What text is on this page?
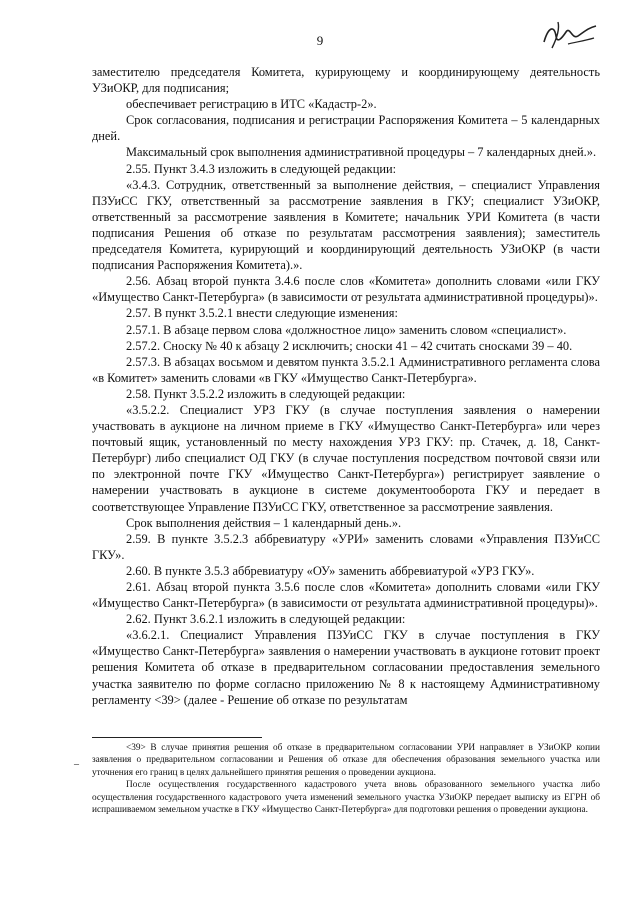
9

заместителю председателя Комитета, курирующему и координирующему деятельность УЗиОКР, для подписания;

обеспечивает регистрацию в ИТС «Кадастр-2».

Срок согласования, подписания и регистрации Распоряжения Комитета – 5 календарных дней.

Максимальный срок выполнения административной процедуры – 7 календарных дней.».

2.55. Пункт 3.4.3 изложить в следующей редакции:

«3.4.3. Сотрудник, ответственный за выполнение действия, – специалист Управления ПЗУиСС ГКУ, ответственный за рассмотрение заявления в ГКУ; специалист УЗиОКР, ответственный за рассмотрение заявления в Комитете; начальник УРИ Комитета (в части подписания Решения об отказе по результатам рассмотрения заявления); заместитель председателя Комитета, курирующий и координирующий деятельность УЗиОКР (в части подписания Распоряжения Комитета).».

2.56. Абзац второй пункта 3.4.6 после слов «Комитета» дополнить словами «или ГКУ «Имущество Санкт-Петербурга» (в зависимости от результата административной процедуры)».

2.57. В пункт 3.5.2.1 внести следующие изменения:

2.57.1. В абзаце первом слова «должностное лицо» заменить словом «специалист».

2.57.2. Сноску № 40 к абзацу 2 исключить; сноски 41 – 42 считать сносками 39 – 40.

2.57.3. В абзацах восьмом и девятом пункта 3.5.2.1 Административного регламента слова «в Комитет» заменить словами «в ГКУ «Имущество Санкт-Петербурга».

2.58. Пункт 3.5.2.2 изложить в следующей редакции:

«3.5.2.2. Специалист УРЗ ГКУ (в случае поступления заявления о намерении участвовать в аукционе на личном приеме в ГКУ «Имущество Санкт-Петербурга» или через почтовый ящик, установленный по месту нахождения УРЗ ГКУ: пр. Стачек, д. 18, Санкт-Петербург) либо специалист ОД ГКУ (в случае поступления посредством почтовой связи или по электронной почте ГКУ «Имущество Санкт-Петербурга») регистрирует заявление о намерении участвовать в аукционе в системе документооборота ГКУ и передает в соответствующее Управление ПЗУиСС ГКУ, ответственное за рассмотрение заявления.

Срок выполнения действия – 1 календарный день.».

2.59. В пункте 3.5.2.3 аббревиатуру «УРИ» заменить словами «Управления ПЗУиСС ГКУ».

2.60. В пункте 3.5.3 аббревиатуру «ОУ» заменить аббревиатурой «УРЗ ГКУ».

2.61. Абзац второй пункта 3.5.6 после слов «Комитета» дополнить словами «или ГКУ «Имущество Санкт-Петербурга» (в зависимости от результата административной процедуры)».

2.62. Пункт 3.6.2.1 изложить в следующей редакции:

«3.6.2.1. Специалист Управления ПЗУиСС ГКУ в случае поступления в ГКУ «Имущество Санкт-Петербурга» заявления о намерении участвовать в аукционе готовит проект решения Комитета об отказе в предварительном согласовании предоставления земельного участка заявителю по форме согласно приложению № 8 к настоящему Административному регламенту <39> (далее - Решение об отказе по результатам

–

<39> В случае принятия решения об отказе в предварительном согласовании УРИ направляет в УЗиОКР копии заявления о предварительном согласовании и Решения об отказе для обеспечения образования земельного участка или уточнения его границ в целях дальнейшего принятия решения о проведении аукциона.

После осуществления государственного кадастрового учета вновь образованного земельного участка либо осуществления государственного кадастрового учета изменений земельного участка УЗиОКР передает выписку из ЕГРН об испрашиваемом земельном участке в ГКУ «Имущество Санкт-Петербурга» для подготовки решения о проведении аукциона.
